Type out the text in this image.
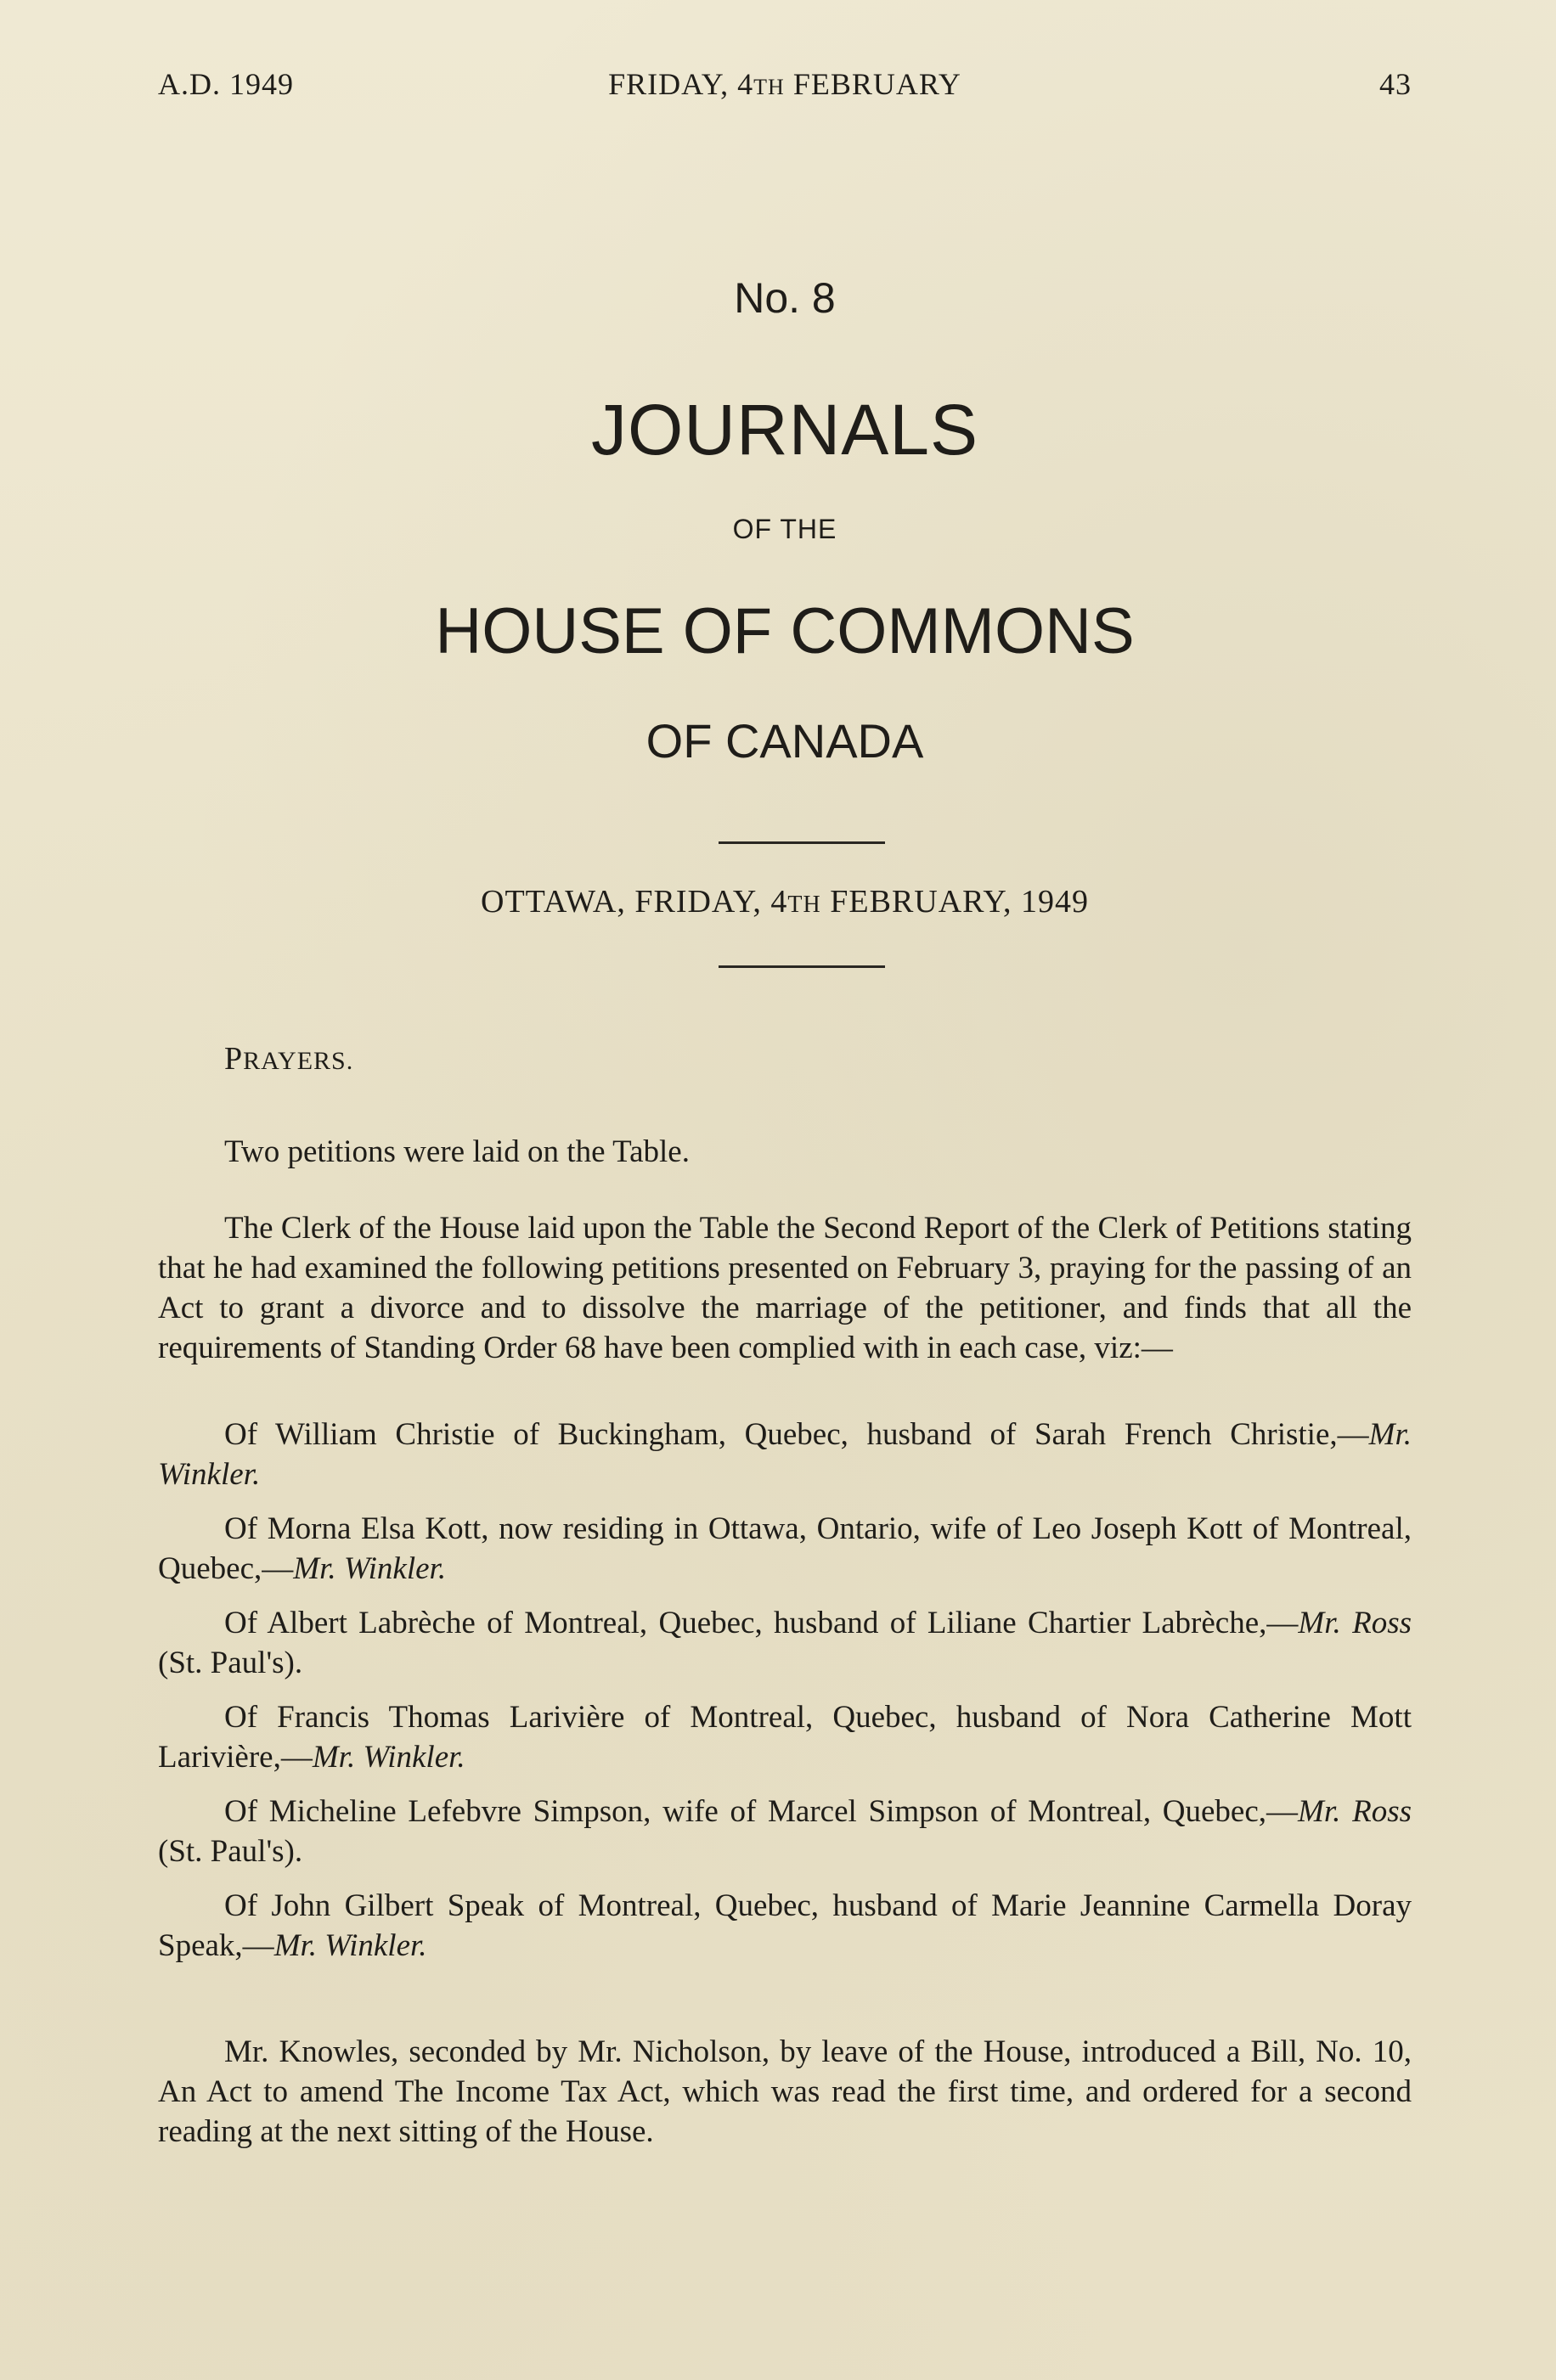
A.D. 1949	FRIDAY, 4TH FEBRUARY	43
No. 8
JOURNALS
OF THE
HOUSE OF COMMONS
OF CANADA
OTTAWA, FRIDAY, 4TH FEBRUARY, 1949

PRAYERS.

Two petitions were laid on the Table.

The Clerk of the House laid upon the Table the Second Report of the Clerk of Petitions stating that he had examined the following petitions presented on February 3, praying for the passing of an Act to grant a divorce and to dissolve the marriage of the petitioner, and finds that all the requirements of Standing Order 68 have been complied with in each case, viz:—

Of William Christie of Buckingham, Quebec, husband of Sarah French Christie,—Mr. Winkler.

Of Morna Elsa Kott, now residing in Ottawa, Ontario, wife of Leo Joseph Kott of Montreal, Quebec,—Mr. Winkler.

Of Albert Labrèche of Montreal, Quebec, husband of Liliane Chartier Labrèche,—Mr. Ross (St. Paul's).

Of Francis Thomas Larivière of Montreal, Quebec, husband of Nora Catherine Mott Larivière,—Mr. Winkler.

Of Micheline Lefebvre Simpson, wife of Marcel Simpson of Montreal, Quebec,—Mr. Ross (St. Paul's).

Of John Gilbert Speak of Montreal, Quebec, husband of Marie Jeannine Carmella Doray Speak,—Mr. Winkler.

Mr. Knowles, seconded by Mr. Nicholson, by leave of the House, introduced a Bill, No. 10, An Act to amend The Income Tax Act, which was read the first time, and ordered for a second reading at the next sitting of the House.
